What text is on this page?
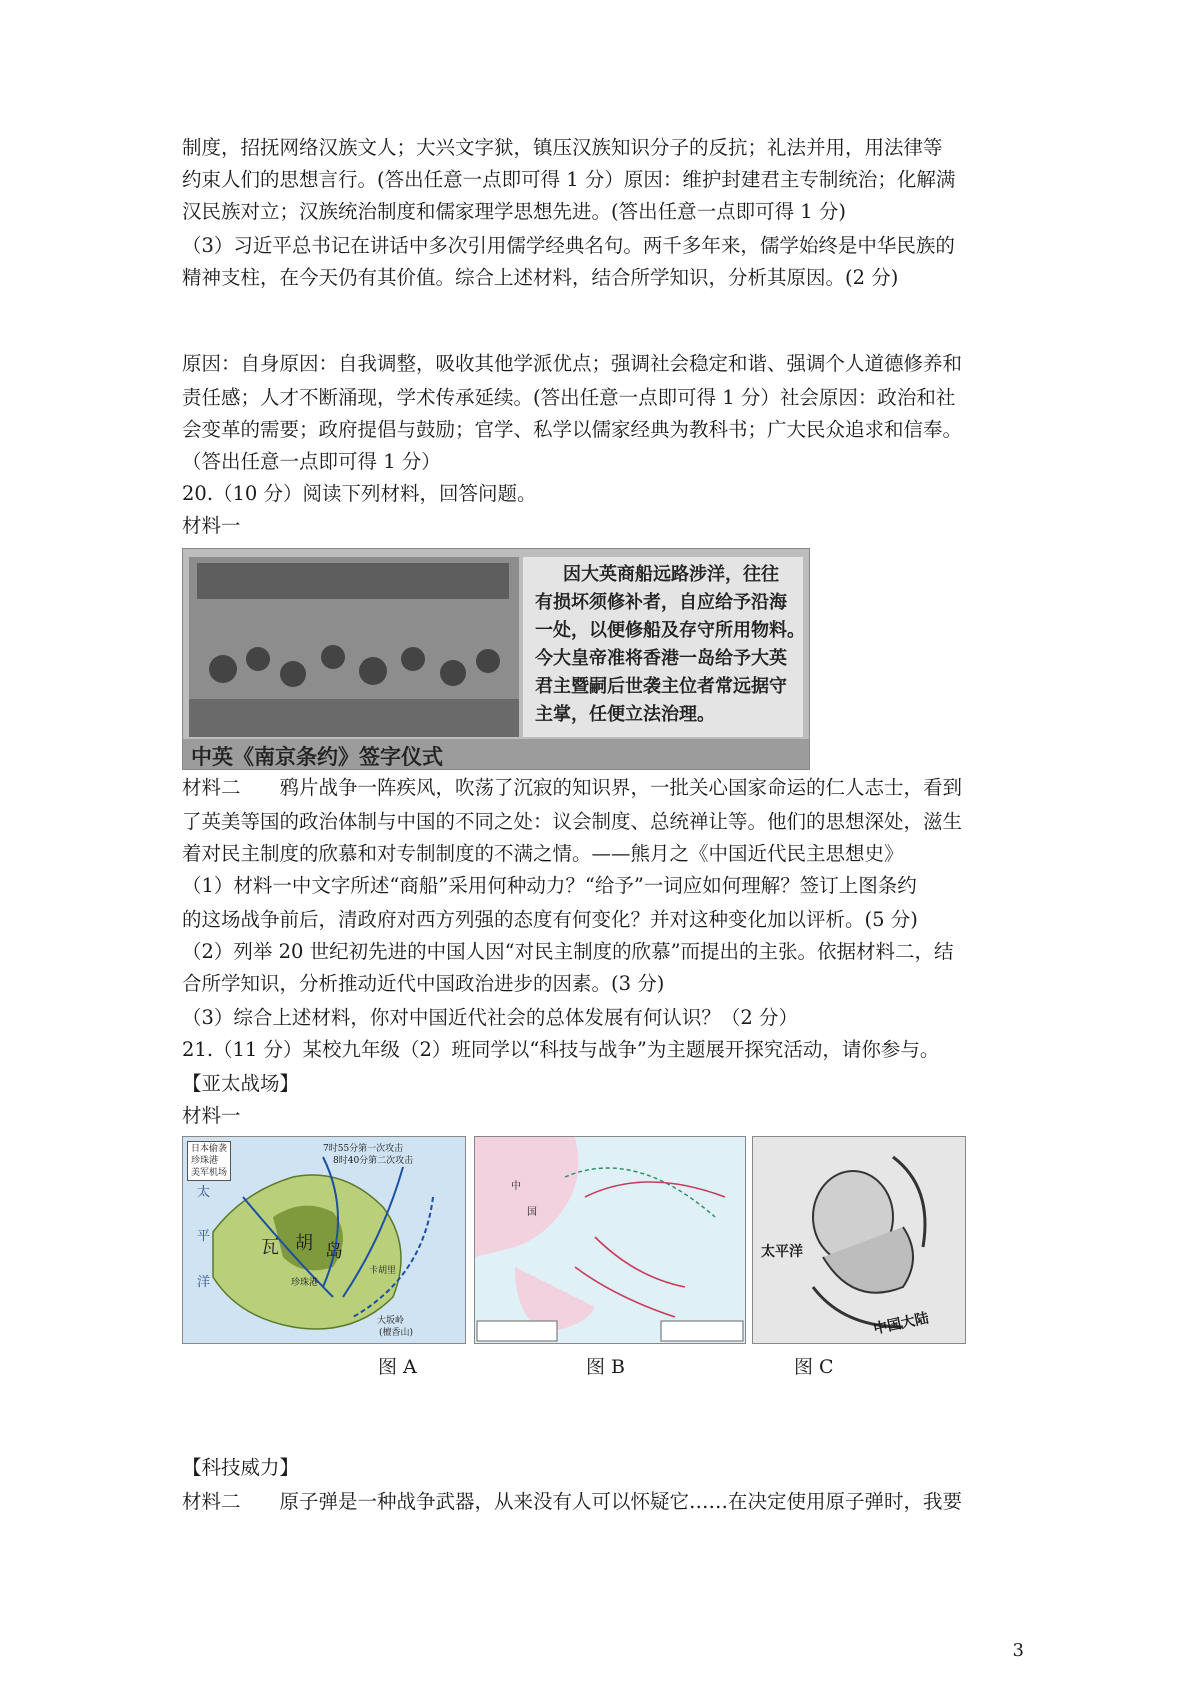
制度，招抚网络汉族文人；大兴文字狱，镇压汉族知识分子的反抗；礼法并用，用法律等
约束人们的思想言行。(答出任意一点即可得 1 分）原因：维护封建君主专制统治；化解满
汉民族对立；汉族统治制度和儒家理学思想先进。(答出任意一点即可得 1 分)
（3）习近平总书记在讲话中多次引用儒学经典名句。两千多年来，儒学始终是中华民族的
精神支柱，在今天仍有其价值。综合上述材料，结合所学知识，分析其原因。(2 分)
原因：自身原因：自我调整，吸收其他学派优点；强调社会稳定和谐、强调个人道德修养和
责任感；人才不断涌现，学术传承延续。(答出任意一点即可得 1 分）社会原因：政治和社
会变革的需要；政府提倡与鼓励；官学、私学以儒家经典为教科书；广大民众追求和信奉。
（答出任意一点即可得 1 分）
20.（10 分）阅读下列材料，回答问题。
材料一
因大英商船远路涉洋，往往
有损坏须修补者，自应给予沿海
一处，以便修船及存守所用物料。
今大皇帝准将香港一岛给予大英
君主暨嗣后世袭主位者常远据守
主掌，任便立法治理。
中英《南京条约》签字仪式
材料二　　鸦片战争一阵疾风，吹荡了沉寂的知识界，一批关心国家命运的仁人志士，看到
了英美等国的政治体制与中国的不同之处：议会制度、总统禅让等。他们的思想深处，滋生
着对民主制度的欣慕和对专制制度的不满之情。——熊月之《中国近代民主思想史》
（1）材料一中文字所述“商船”采用何种动力？“给予”一词应如何理解？签订上图条约
的这场战争前后，清政府对西方列强的态度有何变化？并对这种变化加以评析。(5 分)
（2）列举 20 世纪初先进的中国人因“对民主制度的欣慕”而提出的主张。依据材料二，结
合所学知识，分析推动近代中国政治进步的因素。(3 分)
（3）综合上述材料，你对中国近代社会的总体发展有何认识？（2 分）
21.（11 分）某校九年级（2）班同学以“科技与战争”为主题展开探究活动，请你参与。
【亚太战场】
材料一
日本偷袭
珍珠港
美军机场
7时55分第一次攻击
8时40分第二次攻击
太
平
洋
瓦 胡 岛
珍珠港
卡胡里
大坂岭
(檀香山)
中
国
太平洋
中国大陆
图 A	图 B	图 C
【科技威力】
材料二　　原子弹是一种战争武器，从来没有人可以怀疑它……在决定使用原子弹时，我要
3
